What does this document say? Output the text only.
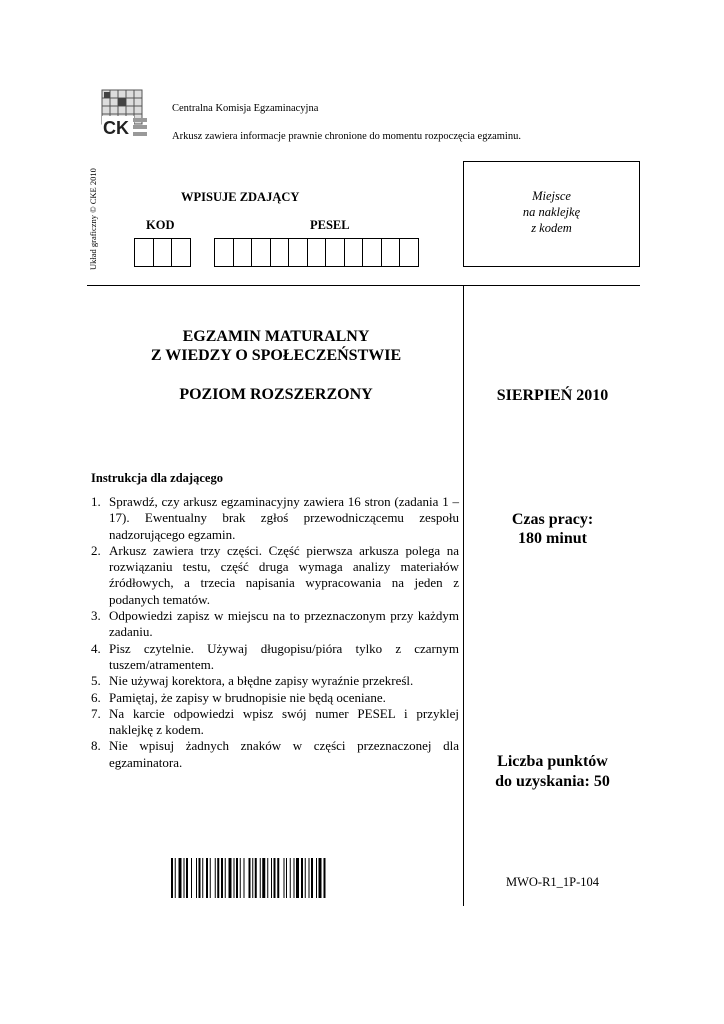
CK
Centralna Komisja Egzaminacyjna
Arkusz zawiera informacje prawnie chronione do momentu rozpoczęcia egzaminu.
Układ graficzny © CKE 2010	WPISUJE ZDAJĄCY
KOD	PESEL
Miejsce
na naklejkę
z kodem
EGZAMIN MATURALNY
Z WIEDZY O SPOŁECZEŃSTWIE
POZIOM ROZSZERZONY	SIERPIEŃ 2010
Czas pracy:
180 minut
Liczba punktów
do uzyskania: 50
Instrukcja dla zdającego
1. Sprawdź, czy arkusz egzaminacyjny zawiera 16 stron (zadania 1 – 17). Ewentualny brak zgłoś przewodniczącemu zespołu nadzorującego egzamin.
2. Arkusz zawiera trzy części. Część pierwsza arkusza polega na rozwiązaniu testu, część druga wymaga analizy materiałów źródłowych, a trzecia napisania wypracowania na jeden z podanych tematów.
3. Odpowiedzi zapisz w miejscu na to przeznaczonym przy każdym zadaniu.
4. Pisz czytelnie. Używaj długopisu/pióra tylko z czarnym tuszem/atramentem.
5. Nie używaj korektora, a błędne zapisy wyraźnie przekreśl.
6. Pamiętaj, że zapisy w brudnopisie nie będą oceniane.
7. Na karcie odpowiedzi wpisz swój numer PESEL i przyklej naklejkę z kodem.
8. Nie wpisuj żadnych znaków w części przeznaczonej dla egzaminatora.
MWO-R1_1P-104
